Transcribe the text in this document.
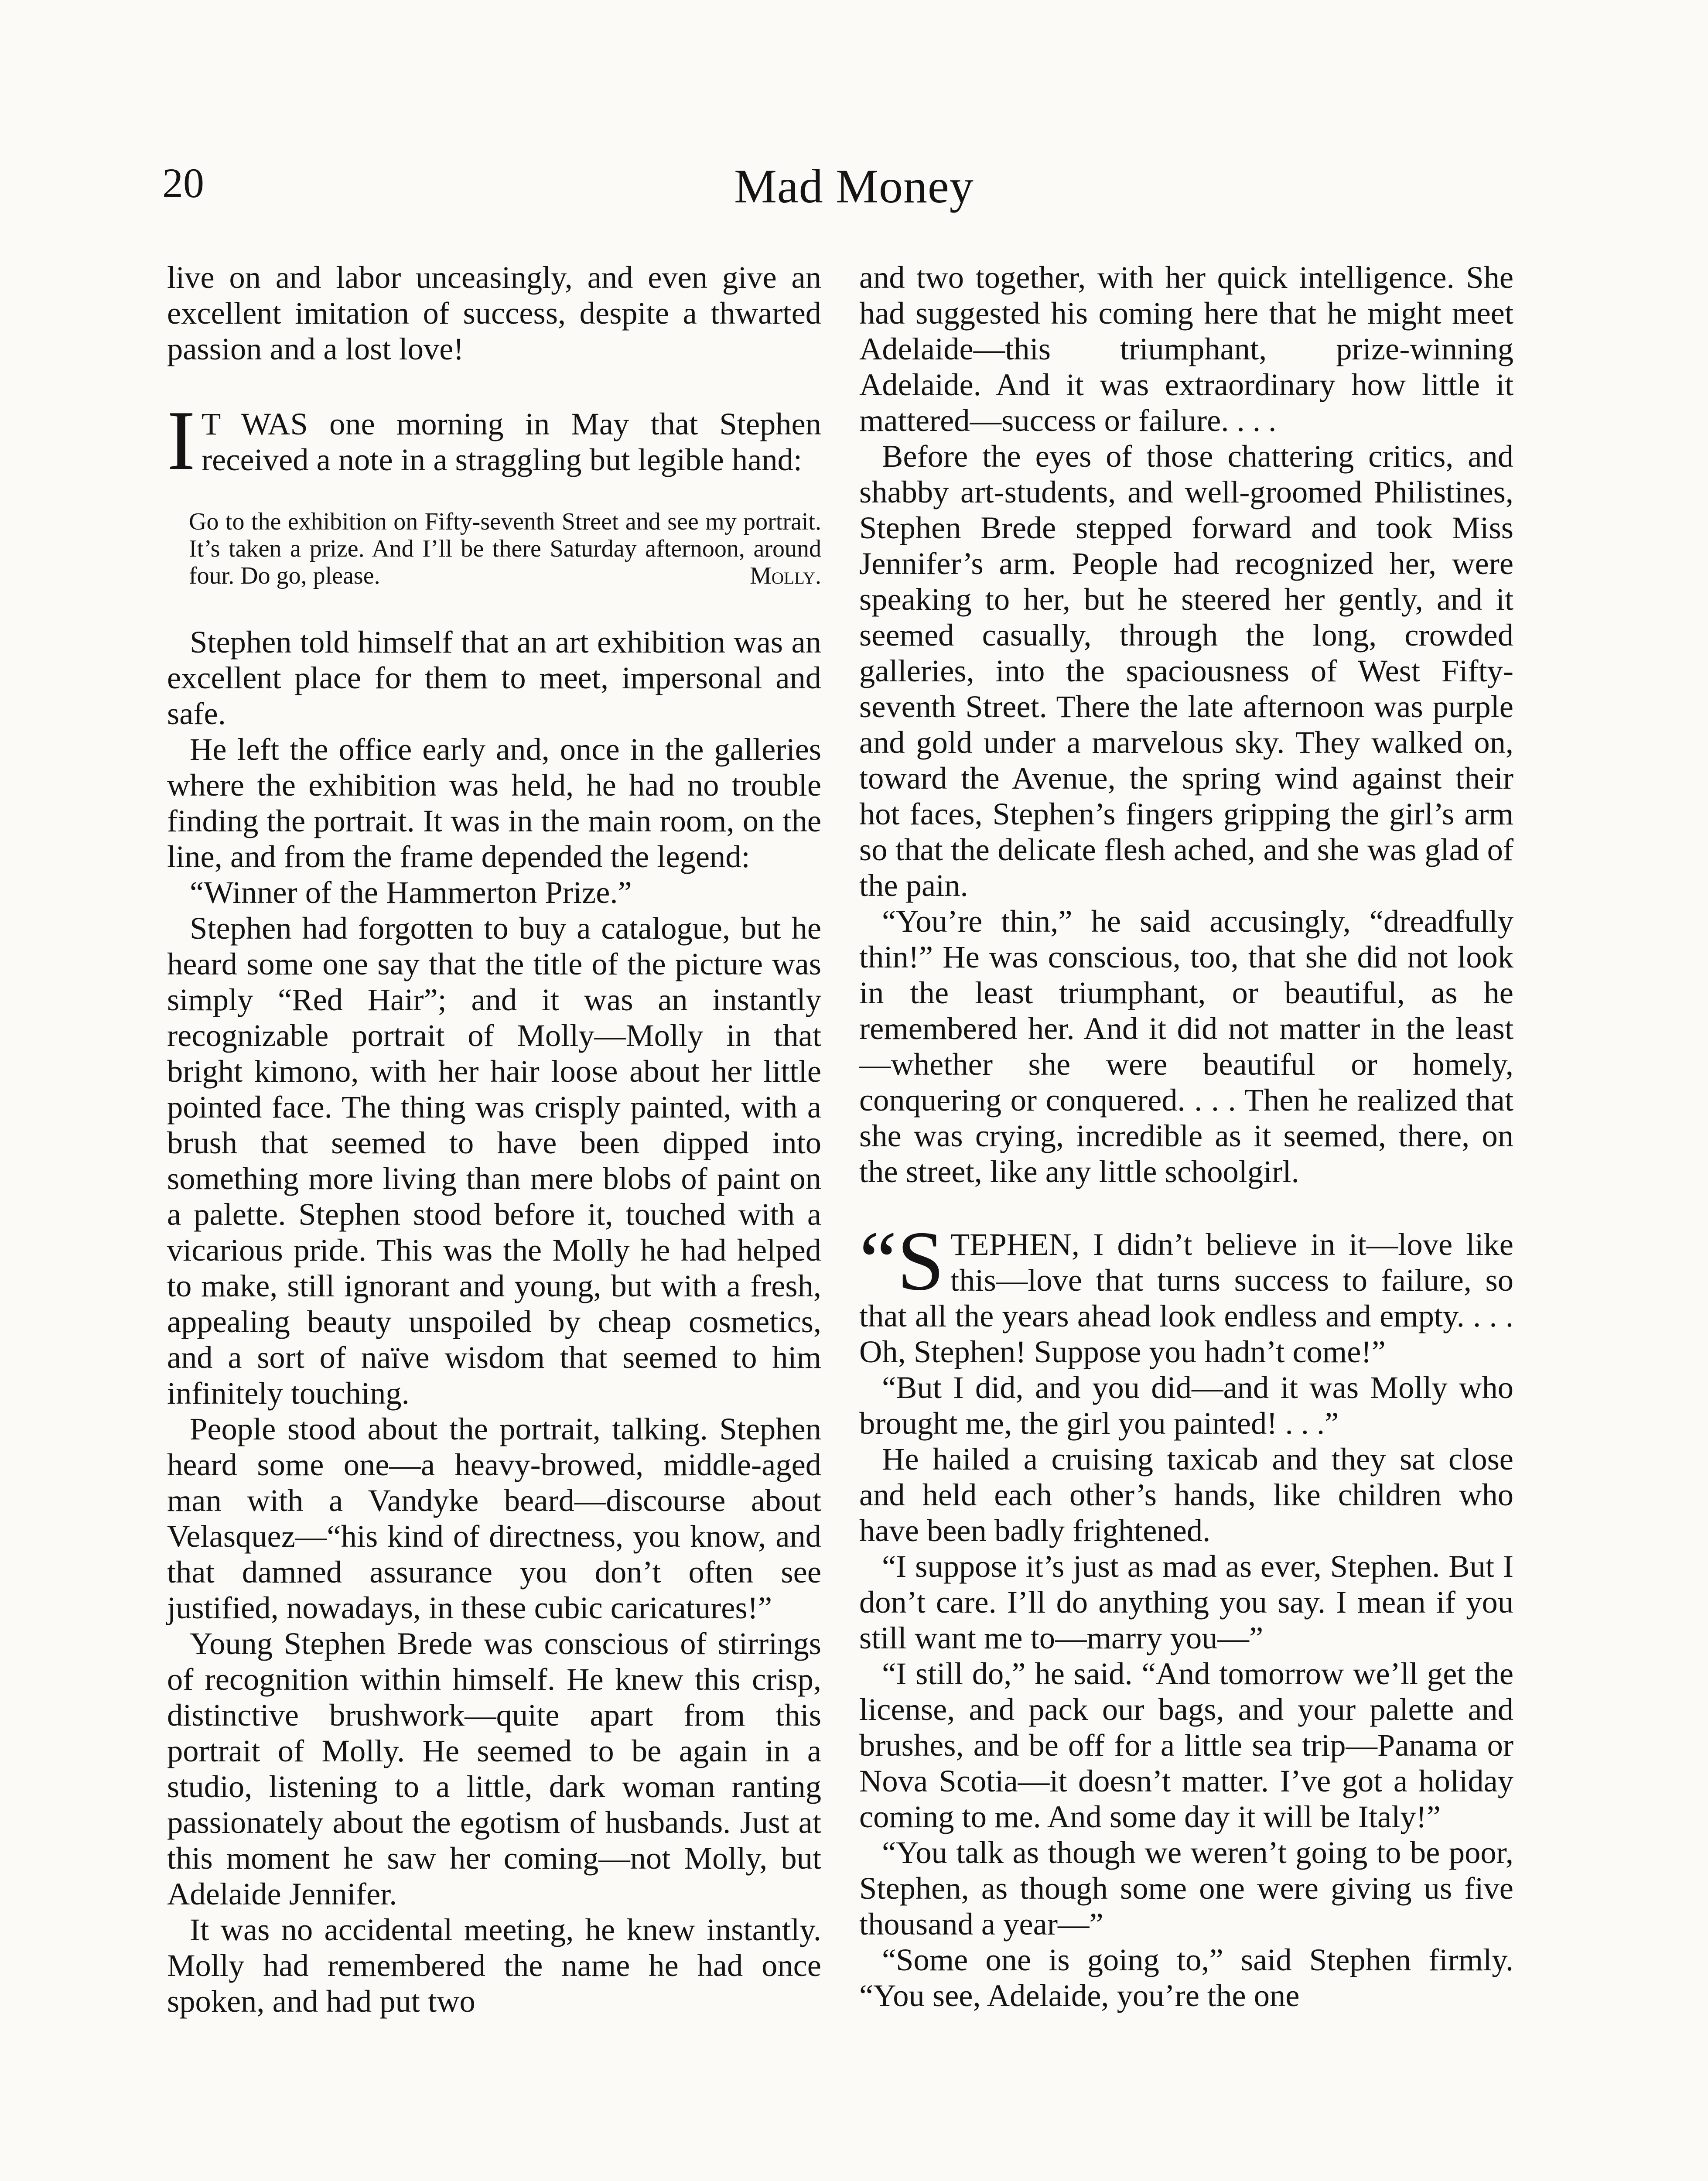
20	Mad Money

live on and labor unceasingly, and even give an excellent imitation of success, despite a thwarted passion and a lost love!

I T WAS one morning in May that Stephen received a note in a straggling but legible hand:

Go to the exhibition on Fifty-seventh Street and see my portrait. It’s taken a prize. And I’ll be there Saturday afternoon, around four. Do go, please.	Molly.

Stephen told himself that an art exhibition was an excellent place for them to meet, impersonal and safe.

He left the office early and, once in the galleries where the exhibition was held, he had no trouble finding the portrait. It was in the main room, on the line, and from the frame depended the legend:

“Winner of the Hammerton Prize.”

Stephen had forgotten to buy a catalogue, but he heard some one say that the title of the picture was simply “Red Hair”; and it was an instantly recognizable portrait of Molly—Molly in that bright kimono, with her hair loose about her little pointed face. The thing was crisply painted, with a brush that seemed to have been dipped into something more living than mere blobs of paint on a palette. Stephen stood before it, touched with a vicarious pride. This was the Molly he had helped to make, still ignorant and young, but with a fresh, appealing beauty unspoiled by cheap cosmetics, and a sort of naïve wisdom that seemed to him infinitely touching.

People stood about the portrait, talking. Stephen heard some one—a heavy-browed, middle-aged man with a Vandyke beard—discourse about Velasquez—“his kind of directness, you know, and that damned assurance you don’t often see justified, nowadays, in these cubic caricatures!”

Young Stephen Brede was conscious of stirrings of recognition within himself. He knew this crisp, distinctive brushwork—quite apart from this portrait of Molly. He seemed to be again in a studio, listening to a little, dark woman ranting passionately about the egotism of husbands. Just at this moment he saw her coming—not Molly, but Adelaide Jennifer.

It was no accidental meeting, he knew instantly. Molly had remembered the name he had once spoken, and had put two

and two together, with her quick intelligence. She had suggested his coming here that he might meet Adelaide—this triumphant, prize-winning Adelaide. And it was extraordinary how little it mattered—success or failure. . . .

Before the eyes of those chattering critics, and shabby art-students, and well-groomed Philistines, Stephen Brede stepped forward and took Miss Jennifer’s arm. People had recognized her, were speaking to her, but he steered her gently, and it seemed casually, through the long, crowded galleries, into the spaciousness of West Fifty-seventh Street. There the late afternoon was purple and gold under a marvelous sky. They walked on, toward the Avenue, the spring wind against their hot faces, Stephen’s fingers gripping the girl’s arm so that the delicate flesh ached, and she was glad of the pain.

“You’re thin,” he said accusingly, “dreadfully thin!” He was conscious, too, that she did not look in the least triumphant, or beautiful, as he remembered her. And it did not matter in the least—whether she were beautiful or homely, conquering or conquered. . . . Then he realized that she was crying, incredible as it seemed, there, on the street, like any little schoolgirl.

“S TEPHEN, I didn’t believe in it—love like this—love that turns success to failure, so that all the years ahead look endless and empty. . . . Oh, Stephen! Suppose you hadn’t come!”

“But I did, and you did—and it was Molly who brought me, the girl you painted! . . .”

He hailed a cruising taxicab and they sat close and held each other’s hands, like children who have been badly frightened.

“I suppose it’s just as mad as ever, Stephen. But I don’t care. I’ll do anything you say. I mean if you still want me to—marry you—”

“I still do,” he said. “And tomorrow we’ll get the license, and pack our bags, and your palette and brushes, and be off for a little sea trip—Panama or Nova Scotia—it doesn’t matter. I’ve got a holiday coming to me. And some day it will be Italy!”

“You talk as though we weren’t going to be poor, Stephen, as though some one were giving us five thousand a year—”

“Some one is going to,” said Stephen firmly. “You see, Adelaide, you’re the one
